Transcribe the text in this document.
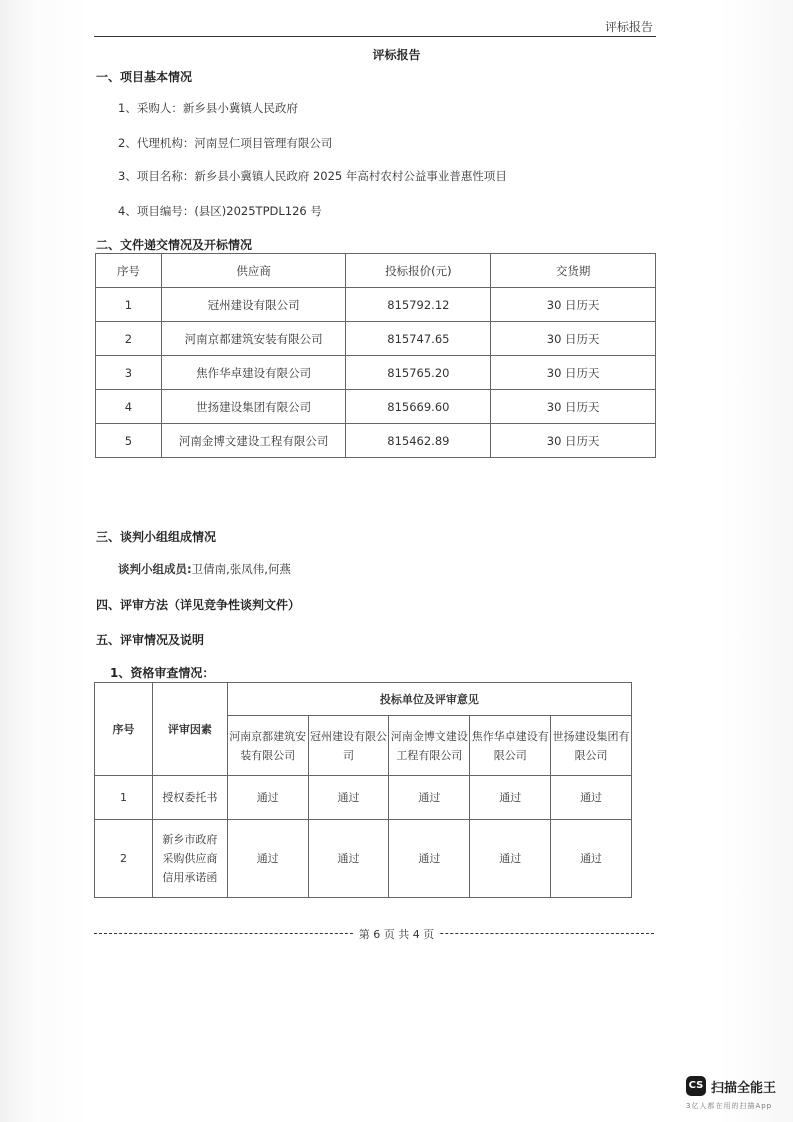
评标报告
评标报告
一、项目基本情况
1、采购人：新乡县小冀镇人民政府
2、代理机构：河南昱仁项目管理有限公司
3、项目名称：新乡县小冀镇人民政府 2025 年高村农村公益事业普惠性项目
4、项目编号：(县区)2025TPDL126 号
二、文件递交情况及开标情况
序号	供应商	投标报价(元)	交货期
1	冠州建设有限公司	815792.12	30 日历天
2	河南京都建筑安装有限公司	815747.65	30 日历天
3	焦作华卓建设有限公司	815765.20	30 日历天
4	世扬建设集团有限公司	815669.60	30 日历天
5	河南金博文建设工程有限公司	815462.89	30 日历天
三、谈判小组组成情况
谈判小组成员:卫倩南,张凤伟,何燕
四、评审方法（详见竞争性谈判文件）
五、评审情况及说明
1、资格审查情况：
序号	评审因素	投标单位及评审意见				
		河南京都建筑安装有限公司	冠州建设有限公司	河南金博文建设工程有限公司	焦作华卓建设有限公司	世扬建设集团有限公司
1	授权委托书	通过	通过	通过	通过	通过
2	新乡市政府采购供应商信用承诺函	通过	通过	通过	通过	通过
第 6 页 共 4 页
CS 扫描全能王
3亿人都在用的扫描App
